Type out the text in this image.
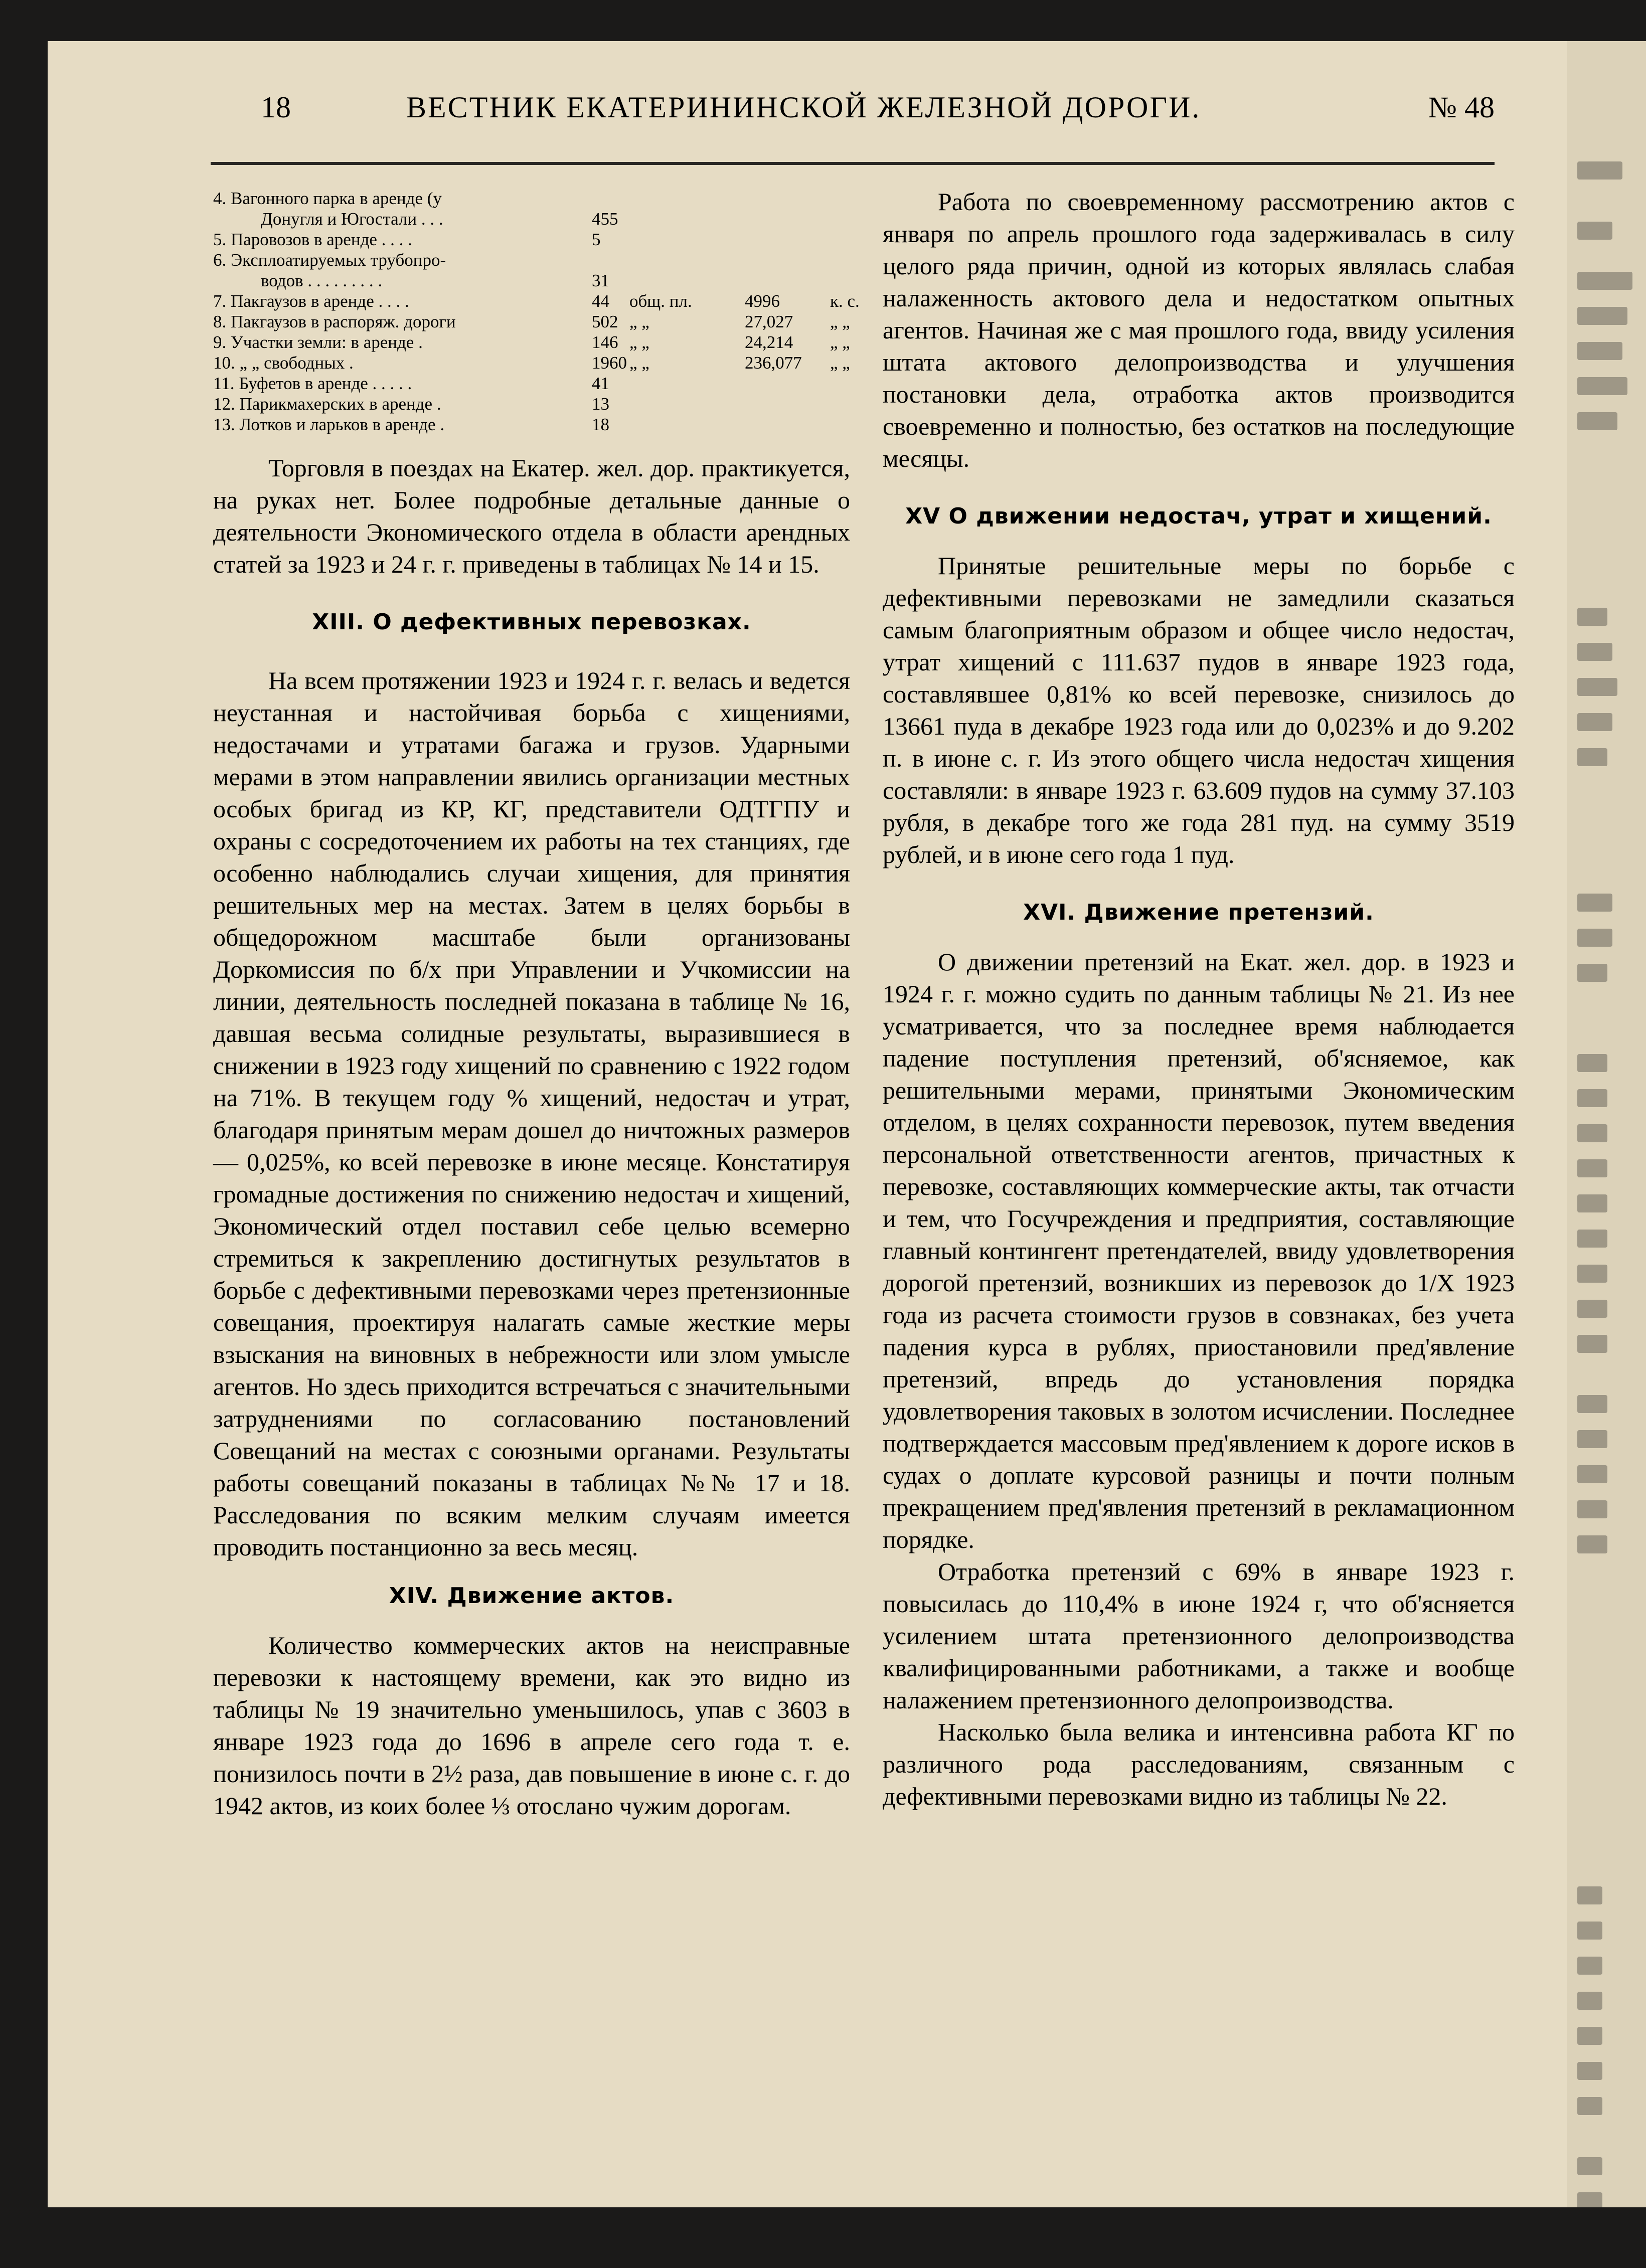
18	ВЕСТНИК ЕКАТЕРИНИНСКОЙ ЖЕЛЕЗНОЙ ДОРОГИ.	№ 48
4. Вагонного парка в аренде (у
Донугля и Югостали . . .	455
5. Паровозов в аренде . . . .	5
6. Эксплоатируемых трубопро-
водов . . . . . . . . .	31
7. Пакгаузов в аренде . . . .	44 общ. пл.	4996	к. с.
8. Пакгаузов в распоряж. дороги	502 „ „	27,027 „ „
9. Участки земли: в аренде .	146 „ „	24,214 „ „
10. „ „ свободных .	1960 „ „	236,077 „ „
11. Буфетов в аренде . . . . .	41
12. Парикмахерских в аренде .	13
13. Лотков и ларьков в аренде .	18

Торговля в поездах на Екатер. жел. дор. практикуется, на руках нет. Более подробные детальные данные о деятельности Экономического отдела в области арендных статей за 1923 и 24 г. г. приведены в таблицах № 14 и 15.

XIII. О дефективных перевозках.

На всем протяжении 1923 и 1924 г. г. велась и ведется неустанная и настойчивая борьба с хищениями, недостачами и утратами багажа и грузов. Ударными мерами в этом направлении явились организации местных особых бригад из КР, КГ, представители ОДТГПУ и охраны с сосредоточением их работы на тех станциях, где особенно наблюдались случаи хищения, для принятия решительных мер на местах. Затем в целях борьбы в общедорожном масштабе были организованы Доркомиссия по б/х при Управлении и Учкомиссии на линии, деятельность последней показана в таблице № 16, давшая весьма солидные результаты, выразившиеся в снижении в 1923 году хищений по сравнению с 1922 годом на 71%. В текущем году % хищений, недостач и утрат, благодаря принятым мерам дошел до ничтожных размеров — 0,025%, ко всей перевозке в июне месяце. Констатируя громадные достижения по снижению недостач и хищений, Экономический отдел поставил себе целью всемерно стремиться к закреплению достигнутых результатов в борьбе с дефективными перевозками через претензионные совещания, проектируя налагать самые жесткие меры взыскания на виновных в небрежности или злом умысле агентов. Но здесь приходится встречаться с значительными затруднениями по согласованию постановлений Совещаний на местах с союзными органами. Результаты работы совещаний показаны в таблицах №№ 17 и 18. Расследования по всяким мелким случаям имеется проводить постанционно за весь месяц.

XIV. Движение актов.

Количество коммерческих актов на неисправные перевозки к настоящему времени, как это видно из таблицы № 19 значительно уменьшилось, упав с 3603 в январе 1923 года до 1696 в апреле сего года т. е. понизилось почти в 2½ раза, дав повышение в июне с. г. до 1942 актов, из коих более ⅓ отослано чужим дорогам.

Работа по своевременному рассмотрению актов с января по апрель прошлого года задерживалась в силу целого ряда причин, одной из которых являлась слабая налаженность актового дела и недостатком опытных агентов. Начиная же с мая прошлого года, ввиду усиления штата актового делопроизводства и улучшения постановки дела, отработка актов производится своевременно и полностью, без остатков на последующие месяцы.

XV О движении недостач, утрат и хищений.

Принятые решительные меры по борьбе с дефективными перевозками не замедлили сказаться самым благоприятным образом и общее число недостач, утрат хищений с 111.637 пудов в январе 1923 года, составлявшее 0,81% ко всей перевозке, снизилось до 13661 пуда в декабре 1923 года или до 0,023% и до 9.202 п. в июне с. г. Из этого общего числа недостач хищения составляли: в январе 1923 г. 63.609 пудов на сумму 37.103 рубля, в декабре того же года 281 пуд. на сумму 3519 рублей, и в июне сего года 1 пуд.

XVI. Движение претензий.

О движении претензий на Екат. жел. дор. в 1923 и 1924 г. г. можно судить по данным таблицы № 21. Из нее усматривается, что за последнее время наблюдается падение поступления претензий, об'ясняемое, как решительными мерами, принятыми Экономическим отделом, в целях сохранности перевозок, путем введения персональной ответственности агентов, причастных к перевозке, составляющих коммерческие акты, так отчасти и тем, что Госучреждения и предприятия, составляющие главный контингент претендателей, ввиду удовлетворения дорогой претензий, возникших из перевозок до 1/X 1923 года из расчета стоимости грузов в совзнаках, без учета падения курса в рублях, приостановили пред'явление претензий, впредь до установления порядка удовлетворения таковых в золотом исчислении. Последнее подтверждается массовым пред'явлением к дороге исков в судах о доплате курсовой разницы и почти полным прекращением пред'явления претензий в рекламационном порядке.

Отработка претензий с 69% в январе 1923 г. повысилась до 110,4% в июне 1924 г, что об'ясняется усилением штата претензионного делопроизводства квалифицированными работниками, а также и вообще налажением претензионного делопроизводства.

Насколько была велика и интенсивна работа КГ по различного рода расследованиям, связанным с дефективными перевозками видно из таблицы № 22.
